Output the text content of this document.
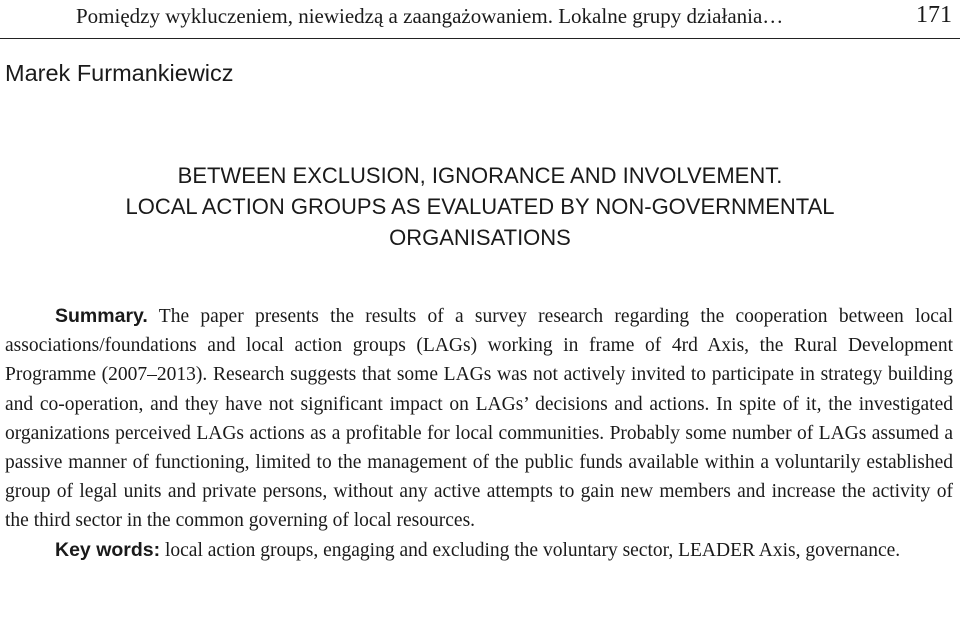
Pomiędzy wykluczeniem, niewiedzą a zaangażowaniem. Lokalne grupy działania…	171
Marek Furmankiewicz
BETWEEN EXCLUSION, IGNORANCE AND INVOLVEMENT.
LOCAL ACTION GROUPS AS EVALUATED BY NON-GOVERNMENTAL
ORGANISATIONS

Summary. The paper presents the results of a survey research regarding the cooperation between local associations/foundations and local action groups (LAGs) working in frame of 4rd Axis, the Rural Development Programme (2007–2013). Research suggests that some LAGs was not actively invited to participate in strategy building and co-operation, and they have not significant impact on LAGs’ decisions and actions. In spite of it, the investigated organizations perceived LAGs actions as a profitable for local communities. Probably some number of LAGs assumed a passive manner of functioning, limited to the management of the public funds available within a voluntarily established group of legal units and private persons, without any active attempts to gain new members and increase the activity of the third sector in the common governing of local resources.

Key words: local action groups, engaging and excluding the voluntary sector, LEADER Axis, governance.
